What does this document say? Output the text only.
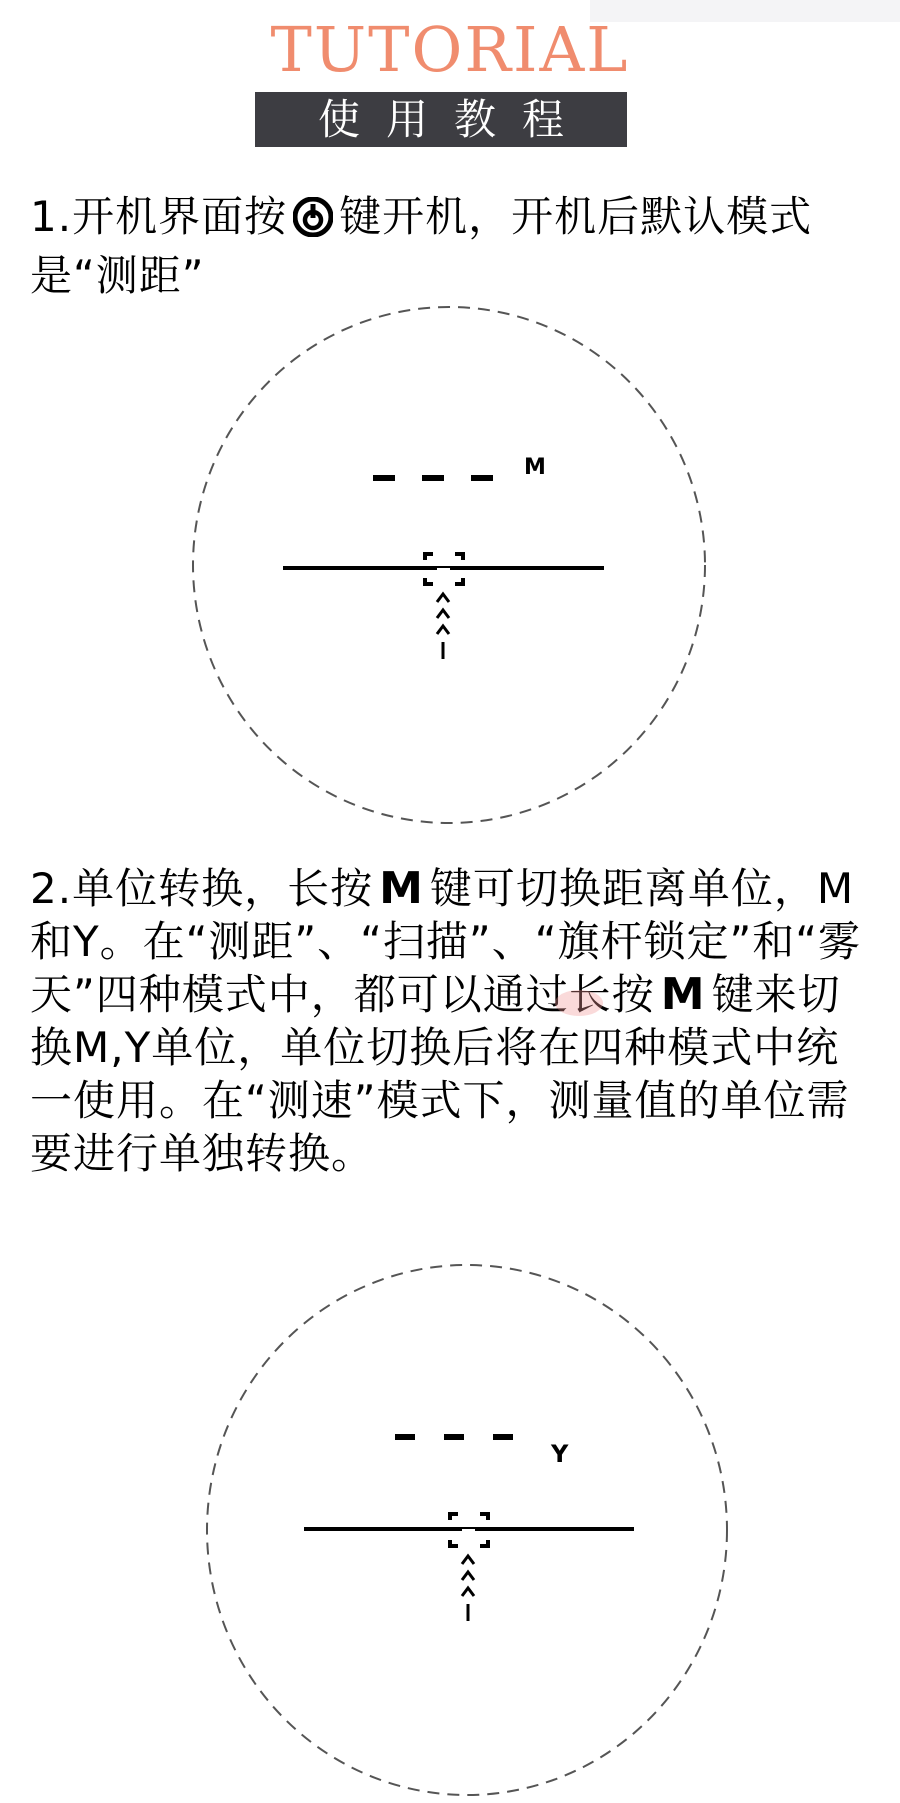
TUTORIAL
使用教程

1.开机界面按 键开机，开机后默认模式是“测距”

M

2.单位转换，长按 M 键可切换距离单位，M和Y。在“测距”、“扫描”、“旗杆锁定”和“雾天”四种模式中，都可以通过长按 M 键来切换M,Y单位，单位切换后将在四种模式中统一使用。在“测速”模式下，测量值的单位需要进行单独转换。

Y
